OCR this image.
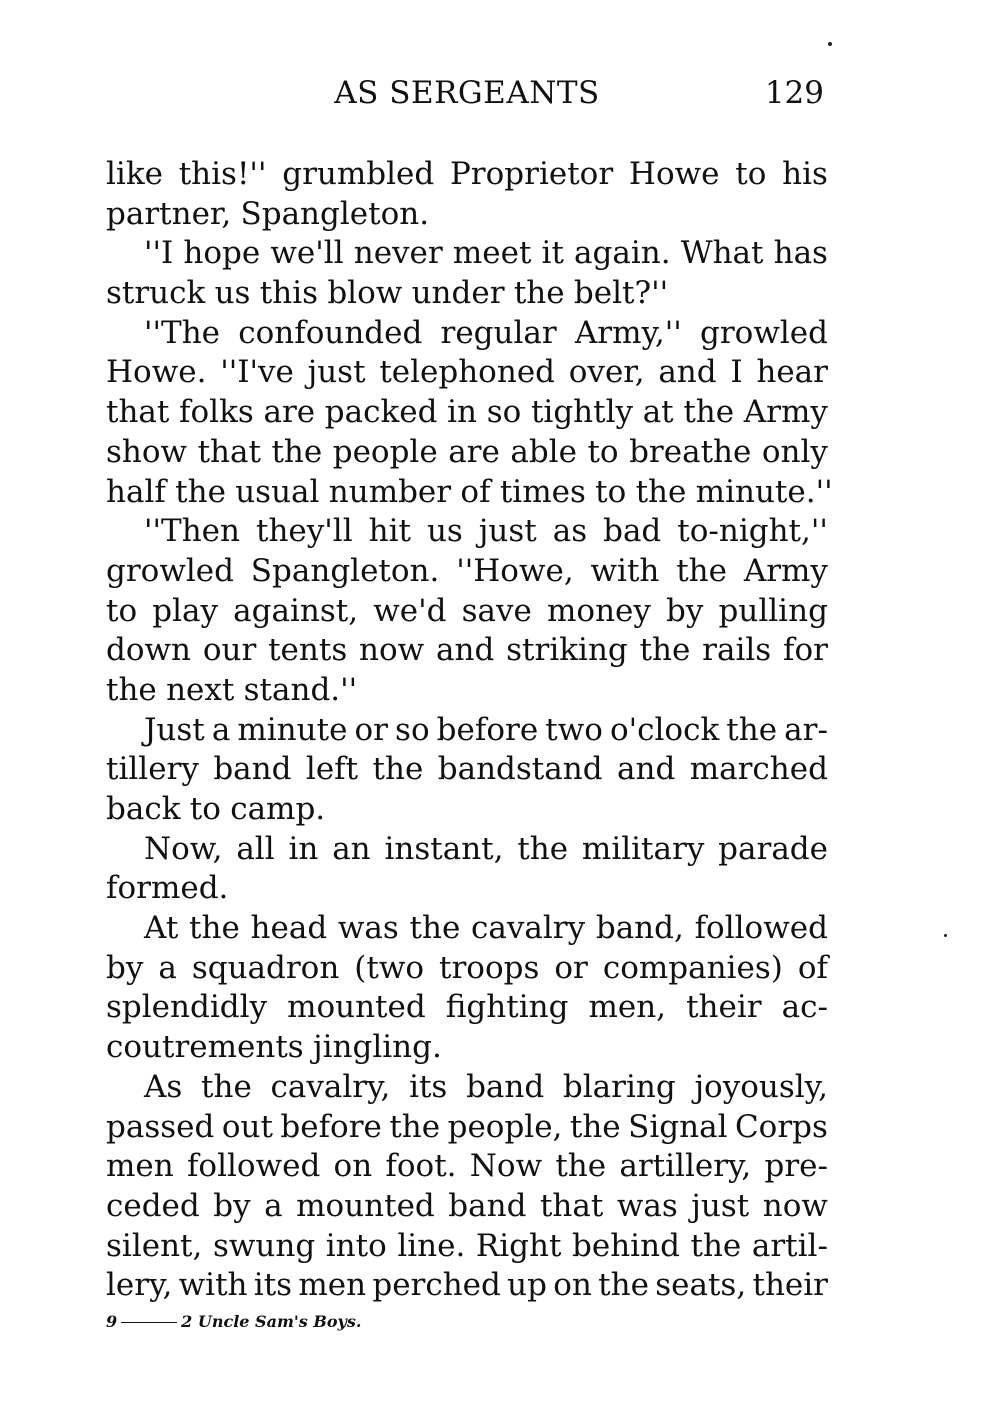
AS SERGEANTS	129
like this!'' grumbled Proprietor Howe to his
partner, Spangleton.
''I hope we'll never meet it again. What has
struck us this blow under the belt?''
''The confounded regular Army,'' growled
Howe. ''I've just telephoned over, and I hear
that folks are packed in so tightly at the Army
show that the people are able to breathe only
half the usual number of times to the minute.''
''Then they'll hit us just as bad to-night,''
growled Spangleton. ''Howe, with the Army
to play against, we'd save money by pulling
down our tents now and striking the rails for
the next stand.''
Just a minute or so before two o'clock the ar-
tillery band left the bandstand and marched
back to camp.
Now, all in an instant, the military parade
formed.
At the head was the cavalry band, followed
by a squadron (two troops or companies) of
splendidly mounted fighting men, their ac-
coutrements jingling.
As the cavalry, its band blaring joyously,
passed out before the people, the Signal Corps
men followed on foot. Now the artillery, pre-
ceded by a mounted band that was just now
silent, swung into line. Right behind the artil-
lery, with its men perched up on the seats, their
9	2 Uncle Sam's Boys.
